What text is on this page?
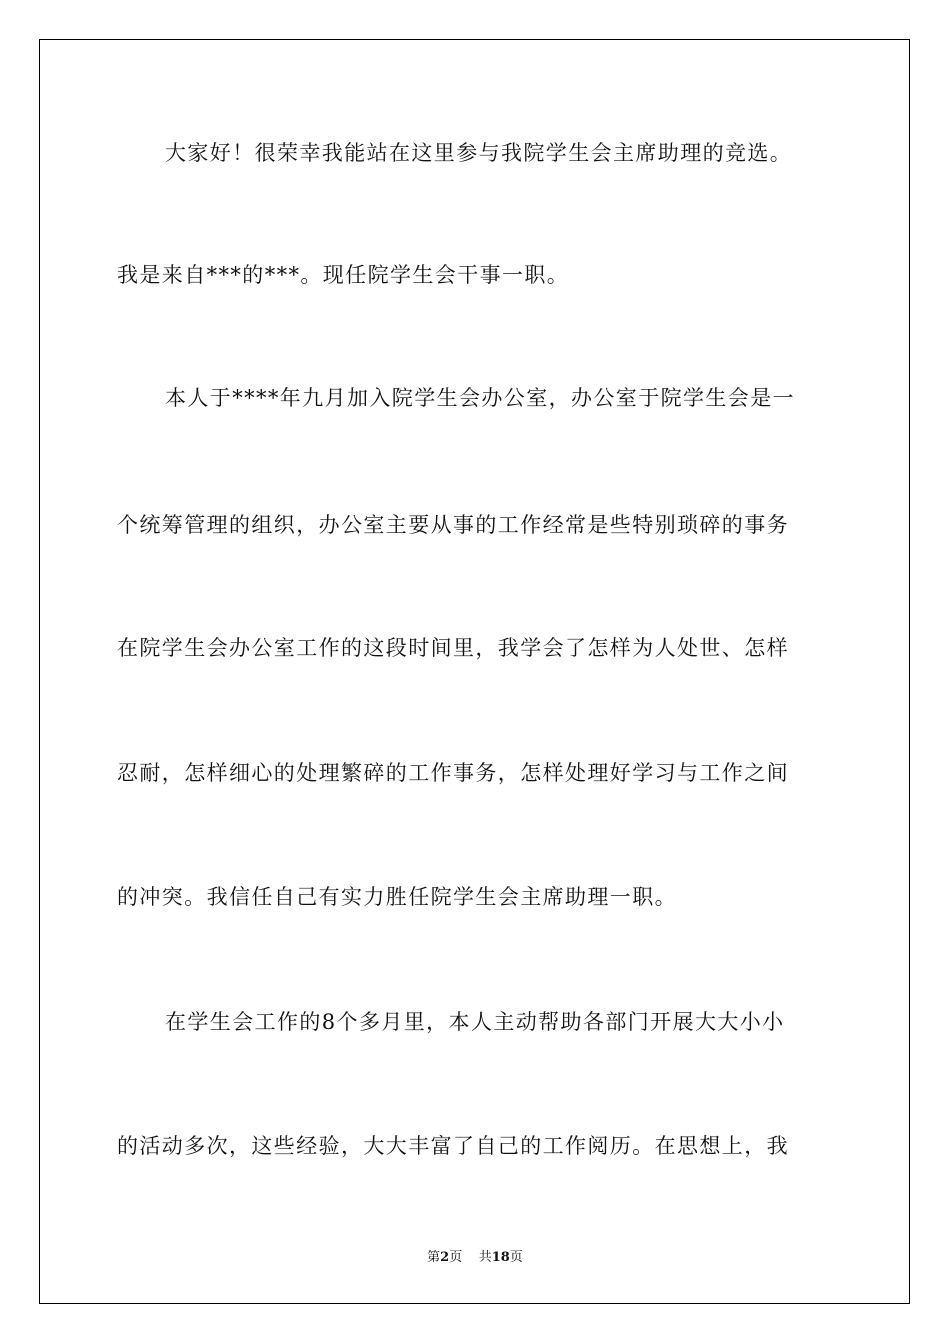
大家好！很荣幸我能站在这里参与我院学生会主席助理的竞选。
我是来自***的***。现任院学生会干事一职。
本人于****年九月加入院学生会办公室，办公室于院学生会是一
个统筹管理的组织，办公室主要从事的工作经常是些特别琐碎的事务
在院学生会办公室工作的这段时间里，我学会了怎样为人处世、怎样
忍耐，怎样细心的处理繁碎的工作事务，怎样处理好学习与工作之间
的冲突。我信任自己有实力胜任院学生会主席助理一职。
在学生会工作的8个多月里，本人主动帮助各部门开展大大小小
的活动多次，这些经验，大大丰富了自己的工作阅历。在思想上，我
第2页 共18页
